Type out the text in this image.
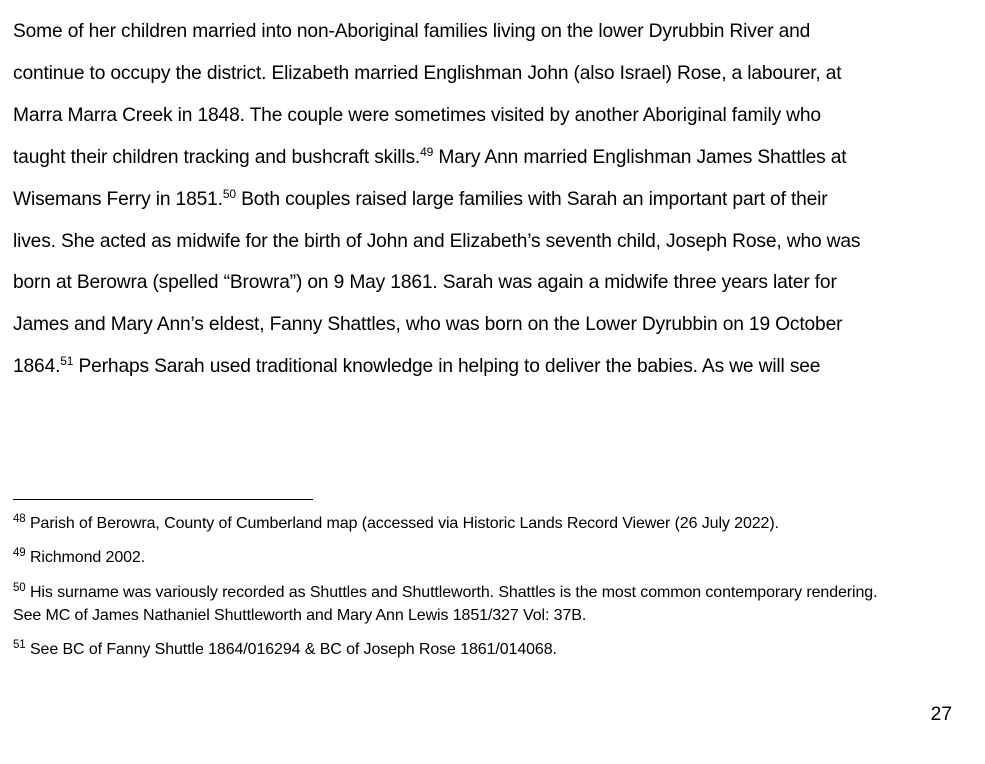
Some of her children married into non-Aboriginal families living on the lower Dyrubbin River and
continue to occupy the district. Elizabeth married Englishman John (also Israel) Rose, a labourer, at
Marra Marra Creek in 1848. The couple were sometimes visited by another Aboriginal family who
taught their children tracking and bushcraft skills.$^{49}$ Mary Ann married Englishman James Shattles at
Wisemans Ferry in 1851.50 Both couples raised large families with Sarah an important part of their
lives. She acted as midwife for the birth of John and Elizabeth’s seventh child, Joseph Rose, who was
born at Berowra (spelled “Browra”) on 9 May 1861. Sarah was again a midwife three years later for
James and Mary Ann’s eldest, Fanny Shattles, who was born on the Lower Dyrubbin on 19 October
1864.51 Perhaps Sarah used traditional knowledge in helping to deliver the babies. As we will see

$^{48}$ Parish of Berowra, County of Cumberland map (accessed via Historic Lands Record Viewer (26 July 2022).

$^{49}$ Richmond 2002.

$^{50}$ His surname was variously recorded as Shuttles and Shuttleworth. Shattles is the most common contemporary rendering.
See MC of James Nathaniel Shuttleworth and Mary Ann Lewis 1851/327 Vol: 37B.

$^{51}$ See BC of Fanny Shuttle 1864/016294 & BC of Joseph Rose 1861/014068.

27
